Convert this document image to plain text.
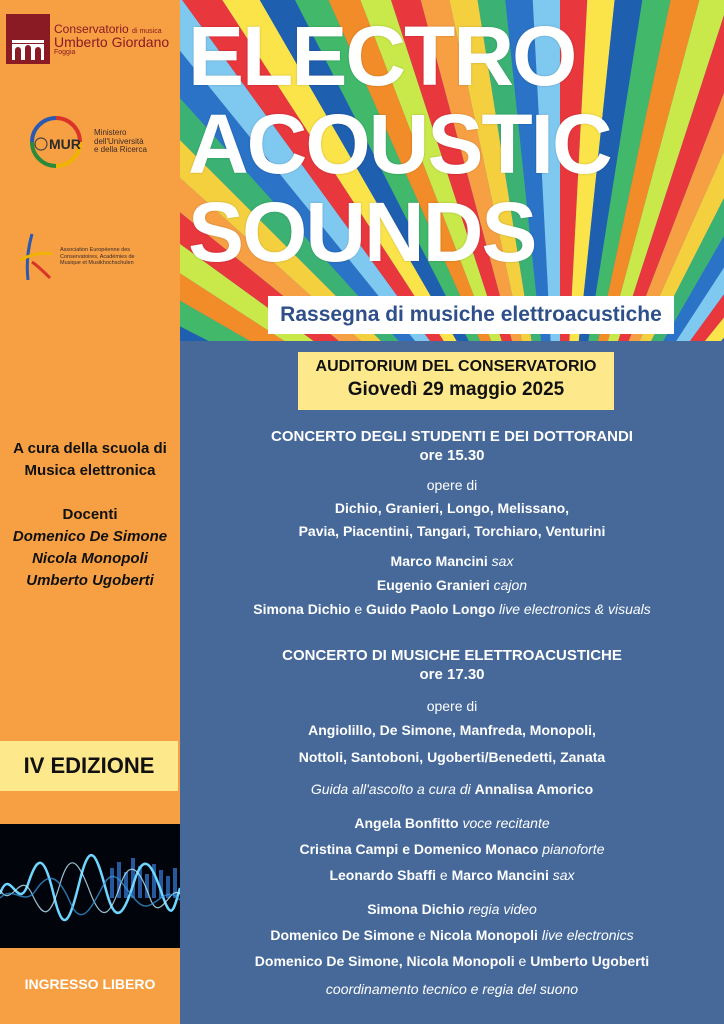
Conservatorio di musica
Umberto Giordano
Foggia
MUR
Ministero
dell'Università
e della Ricerca
Association Européenne des
Conservatoires, Académies de
Musique et Musikhochschulen
A cura della scuola di
Musica elettronica
Docenti
Domenico De Simone
Nicola Monopoli
Umberto Ugoberti
IV EDIZIONE
INGRESSO LIBERO
ELECTRO
ACOUSTIC
SOUNDS
Rassegna di musiche elettroacustiche
AUDITORIUM DEL CONSERVATORIO
Giovedì 29 maggio 2025
CONCERTO DEGLI STUDENTI E DEI DOTTORANDI
ore 15.30
opere di
Dichio, Granieri, Longo, Melissano,
Pavia, Piacentini, Tangari, Torchiaro, Venturini
Marco Mancini sax
Eugenio Granieri cajon
Simona Dichio e Guido Paolo Longo live electronics & visuals
CONCERTO DI MUSICHE ELETTROACUSTICHE
ore 17.30
opere di
Angiolillo, De Simone, Manfreda, Monopoli,
Nottoli, Santoboni, Ugoberti/Benedetti, Zanata
Guida all'ascolto a cura di Annalisa Amorico
Angela Bonfitto voce recitante
Cristina Campi e Domenico Monaco pianoforte
Leonardo Sbaffi e Marco Mancini sax
Simona Dichio regia video
Domenico De Simone e Nicola Monopoli live electronics
Domenico De Simone, Nicola Monopoli e Umberto Ugoberti
coordinamento tecnico e regia del suono
